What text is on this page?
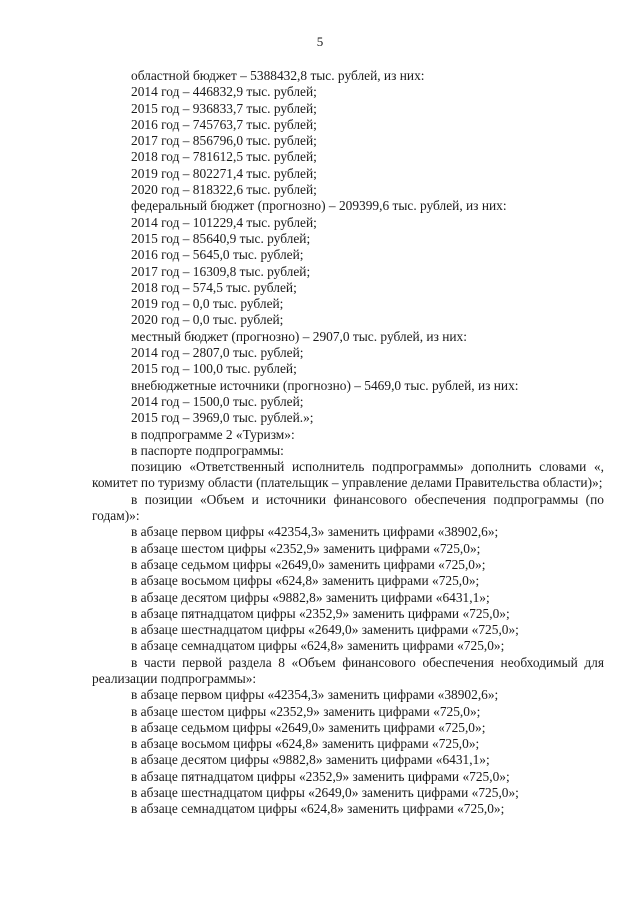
5
областной бюджет – 5388432,8 тыс. рублей, из них:
2014 год – 446832,9 тыс. рублей;
2015 год – 936833,7 тыс. рублей;
2016 год – 745763,7 тыс. рублей;
2017 год – 856796,0 тыс. рублей;
2018 год – 781612,5 тыс. рублей;
2019 год – 802271,4 тыс. рублей;
2020 год – 818322,6 тыс. рублей;
федеральный бюджет (прогнозно) – 209399,6 тыс. рублей, из них:
2014 год – 101229,4 тыс. рублей;
2015 год – 85640,9 тыс. рублей;
2016 год – 5645,0 тыс. рублей;
2017 год – 16309,8 тыс. рублей;
2018 год – 574,5 тыс. рублей;
2019 год – 0,0 тыс. рублей;
2020 год – 0,0 тыс. рублей;
местный бюджет (прогнозно) – 2907,0 тыс. рублей, из них:
2014 год – 2807,0 тыс. рублей;
2015 год – 100,0 тыс. рублей;
внебюджетные источники (прогнозно) – 5469,0 тыс. рублей, из них:
2014 год – 1500,0 тыс. рублей;
2015 год – 3969,0 тыс. рублей.»;
в подпрограмме 2 «Туризм»:
в паспорте подпрограммы:
позицию «Ответственный исполнитель подпрограммы» дополнить словами «, комитет по туризму области (плательщик – управление делами Правительства области)»;
в позиции «Объем и источники финансового обеспечения подпрограммы (по годам)»:
в абзаце первом цифры «42354,3» заменить цифрами «38902,6»;
в абзаце шестом цифры «2352,9» заменить цифрами «725,0»;
в абзаце седьмом цифры «2649,0» заменить цифрами «725,0»;
в абзаце восьмом цифры «624,8» заменить цифрами «725,0»;
в абзаце десятом цифры «9882,8» заменить цифрами «6431,1»;
в абзаце пятнадцатом цифры «2352,9» заменить цифрами «725,0»;
в абзаце шестнадцатом цифры «2649,0» заменить цифрами «725,0»;
в абзаце семнадцатом цифры «624,8» заменить цифрами «725,0»;
в части первой раздела 8 «Объем финансового обеспечения необходимый для реализации подпрограммы»:
в абзаце первом цифры «42354,3» заменить цифрами «38902,6»;
в абзаце шестом цифры «2352,9» заменить цифрами «725,0»;
в абзаце седьмом цифры «2649,0» заменить цифрами «725,0»;
в абзаце восьмом цифры «624,8» заменить цифрами «725,0»;
в абзаце десятом цифры «9882,8» заменить цифрами «6431,1»;
в абзаце пятнадцатом цифры «2352,9» заменить цифрами «725,0»;
в абзаце шестнадцатом цифры «2649,0» заменить цифрами «725,0»;
в абзаце семнадцатом цифры «624,8» заменить цифрами «725,0»;
